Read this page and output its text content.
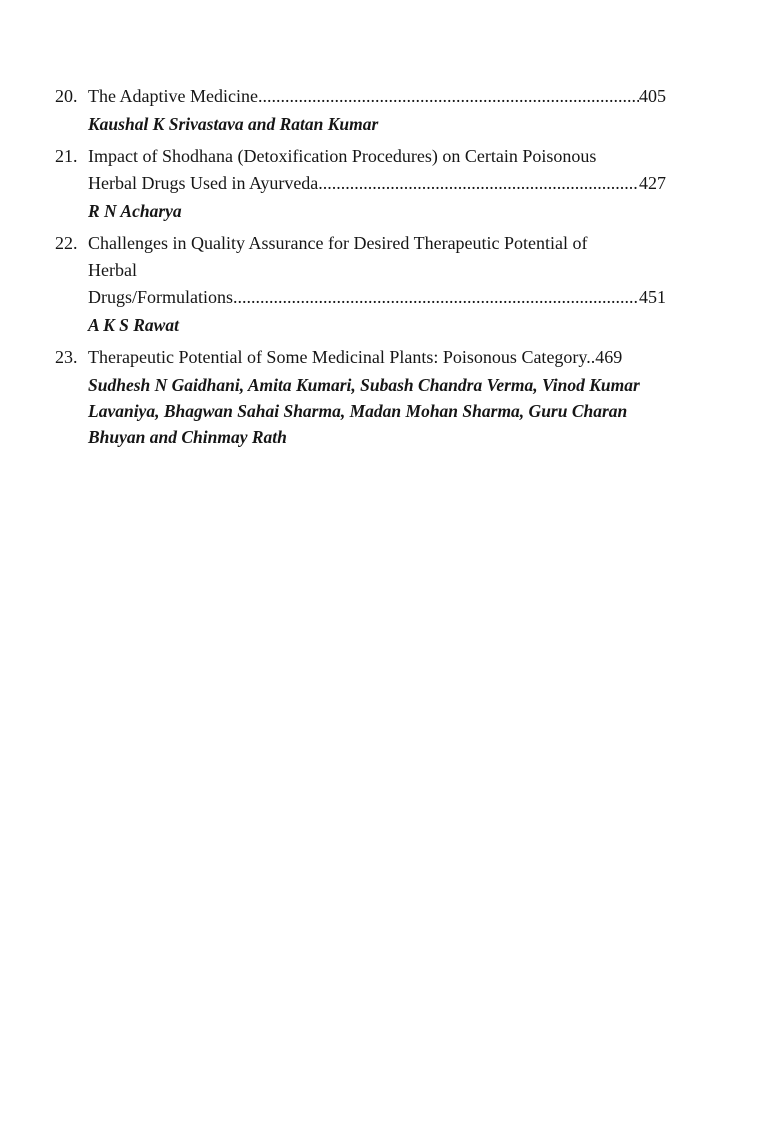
20. The Adaptive Medicine .....	405
Kaushal K Srivastava and Ratan Kumar
21. Impact of Shodhana (Detoxification Procedures) on Certain Poisonous
Herbal Drugs Used in Ayurveda .....	427
R N Acharya
22. Challenges in Quality Assurance for Desired Therapeutic Potential of
Herbal
Drugs/Formulations .....	451
A K S Rawat
23. Therapeutic Potential of Some Medicinal Plants: Poisonous Category..469
Sudhesh N Gaidhani, Amita Kumari, Subash Chandra Verma, Vinod Kumar Lavaniya, Bhagwan Sahai Sharma, Madan Mohan Sharma, Guru Charan Bhuyan and Chinmay Rath
